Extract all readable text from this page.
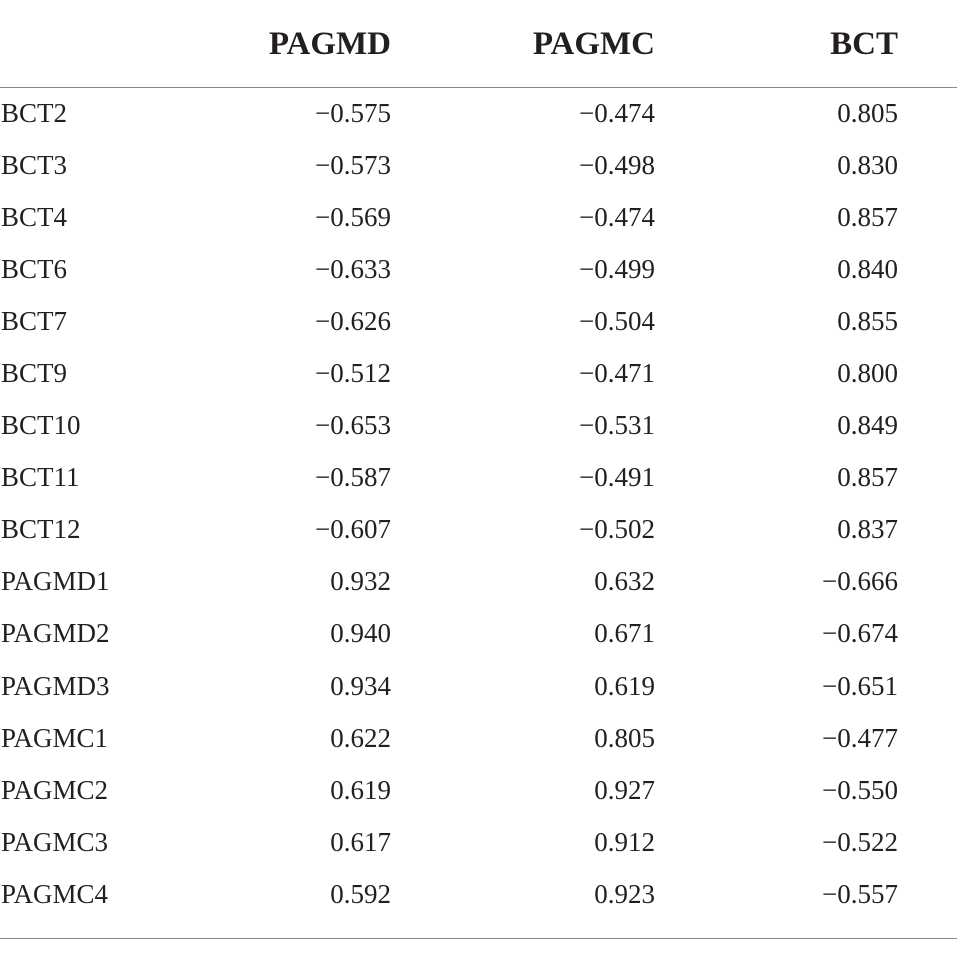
	PAGMD	PAGMC	BCT	
BCT2	−0.575	−0.474	0.805	
BCT3	−0.573	−0.498	0.830	
BCT4	−0.569	−0.474	0.857	
BCT6	−0.633	−0.499	0.840	
BCT7	−0.626	−0.504	0.855	
BCT9	−0.512	−0.471	0.800	
BCT10	−0.653	−0.531	0.849	
BCT11	−0.587	−0.491	0.857	
BCT12	−0.607	−0.502	0.837	
PAGMD1	0.932	0.632	−0.666	
PAGMD2	0.940	0.671	−0.674	
PAGMD3	0.934	0.619	−0.651	
PAGMC1	0.622	0.805	−0.477	
PAGMC2	0.619	0.927	−0.550	
PAGMC3	0.617	0.912	−0.522	
PAGMC4	0.592	0.923	−0.557	
